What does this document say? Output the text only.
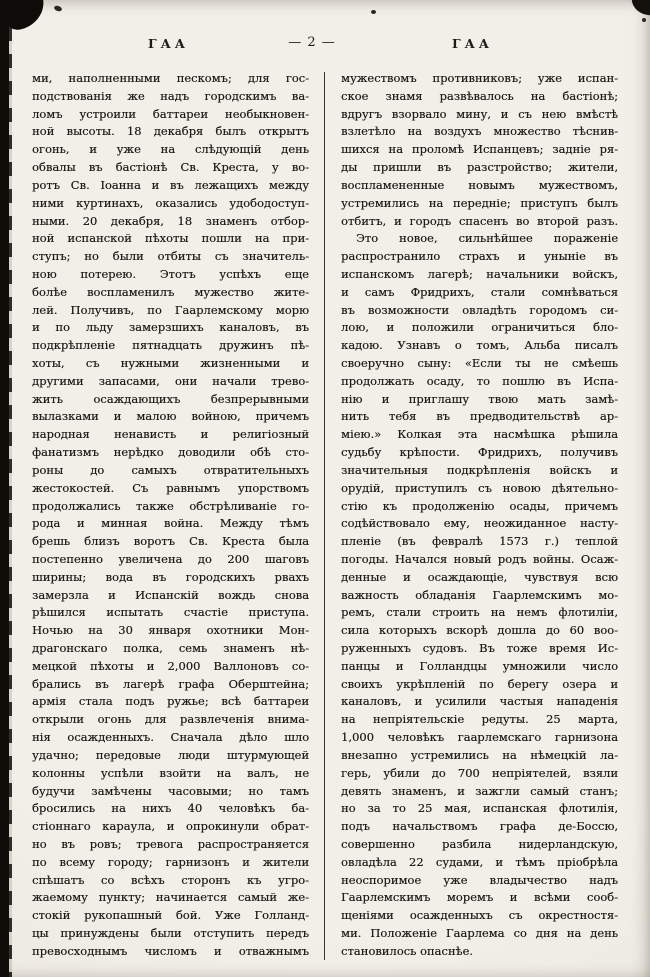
ГАА	— 2 —	ГАА
ми, наполненными пескомъ; для гос-
подствованія же надъ городскимъ ва-
ломъ устроили баттареи необыкновен-
ной высоты. 18 декабря былъ открытъ
огонь, и уже на слѣдующій день
обвалы въ бастіонѣ Св. Креста, у во-
ротъ Св. Іоанна и въ лежащихъ между
ними куртинахъ, оказались удободоступ-
ными. 20 декабря, 18 знаменъ отбор-
ной испанской пѣхоты пошли на при-
ступъ; но были отбиты съ значитель-
ною потерею. Этотъ успѣхъ еще
болѣе воспламенилъ мужество жите-
лей. Получивъ, по Гаарлемскому морю
и по льду замерзшихъ каналовъ, въ
подкрѣпленіе пятнадцать дружинъ пѣ-
хоты, съ нужными жизненными и
другими запасами, они начали трево-
жить осаждающихъ безпрерывными
вылазками и малою войною, причемъ
народная ненависть и религіозный
фанатизмъ нерѣдко доводили обѣ сто-
роны до самыхъ отвратительныхъ
жестокостей. Съ равнымъ упорствомъ
продолжались также обстрѣливаніе го-
рода и минная война. Между тѣмъ
брешь близъ воротъ Св. Креста была
постепенно увеличена до 200 шаговъ
ширины; вода въ городскихъ рвахъ
замерзла и Испанскій вождь снова
рѣшился испытать счастіе приступа.
Ночью на 30 января охотники Мон-
драгонскаго полка, семь знаменъ нѣ-
мецкой пѣхоты и 2,000 Валлоновъ со-
брались въ лагерѣ графа Оберштейна;
армія стала подъ ружье; всѣ баттареи
открыли огонь для развлеченія внима-
нія осажденныхъ. Сначала дѣло шло
удачно; передовые люди штурмующей
колонны успѣли взойти на валъ, не
будучи замѣчены часовыми; но тамъ
бросились на нихъ 40 человѣкъ ба-
стіоннаго караула, и опрокинули обрат-
но въ ровъ; тревога распространяется
по всему городу; гарнизонъ и жители
спѣшатъ со всѣхъ сторонъ къ угро-
жаемому пункту; начинается самый же-
стокій рукопашный бой. Уже Голланд-
цы принуждены были отступить передъ
превосходнымъ числомъ и отважнымъ
мужествомъ противниковъ; уже испан-
ское знамя развѣвалось на бастіонѣ;
вдругъ взорвало мину, и съ нею вмѣстѣ
взлетѣло на воздухъ множество тѣснив-
шихся на проломѣ Испанцевъ; задніе ря-
ды пришли въ разстройство; жители,
воспламененные новымъ мужествомъ,
устремились на передніе; приступъ былъ
отбитъ, и городъ спасенъ во второй разъ.
Это новое, сильнѣйшее пораженіе
распространило страхъ и уныніе въ
испанскомъ лагерѣ; начальники войскъ,
и самъ Фридрихъ, стали сомнѣваться
въ возможности овладѣть городомъ си-
лою, и положили ограничиться бло-
кадою. Узнавъ о томъ, Альба писалъ
своеручно сыну: «Если ты не смѣешь
продолжать осаду, то пошлю въ Испа-
нію и приглашу твою мать замѣ-
нить тебя въ предводительствѣ ар-
міею.» Колкая эта насмѣшка рѣшила
судьбу крѣпости. Фридрихъ, получивъ
значительныя подкрѣпленія войскъ и
орудій, приступилъ съ новою дѣятельно-
стію къ продолженію осады, причемъ
содѣйствовало ему, неожиданное насту-
пленіе (въ февралѣ 1573 г.) теплой
погоды. Начался новый родъ войны. Осаж-
денные и осаждающіе, чувствуя всю
важность обладанія Гаарлемскимъ мо-
ремъ, стали строить на немъ флотиліи,
сила которыхъ вскорѣ дошла до 60 воо-
руженныхъ судовъ. Въ тоже время Ис-
панцы и Голландцы умножили число
своихъ укрѣпленій по берегу озера и
каналовъ, и усилили частыя нападенія
на непріятельскіе редуты. 25 марта,
1,000 человѣкъ гаарлемскаго гарнизона
внезапно устремились на нѣмецкій ла-
герь, убили до 700 непріятелей, взяли
девять знаменъ, и зажгли самый станъ;
но за то 25 мая, испанская флотилія,
подъ начальствомъ графа де-Боссю,
совершенно разбила нидерландскую,
овладѣла 22 судами, и тѣмъ пріобрѣла
неоспоримое уже владычество надъ
Гаарлемскимъ моремъ и всѣми сооб-
щеніями осажденныхъ съ окрестностя-
ми. Положеніе Гаарлема со дня на день
становилось опаснѣе.
